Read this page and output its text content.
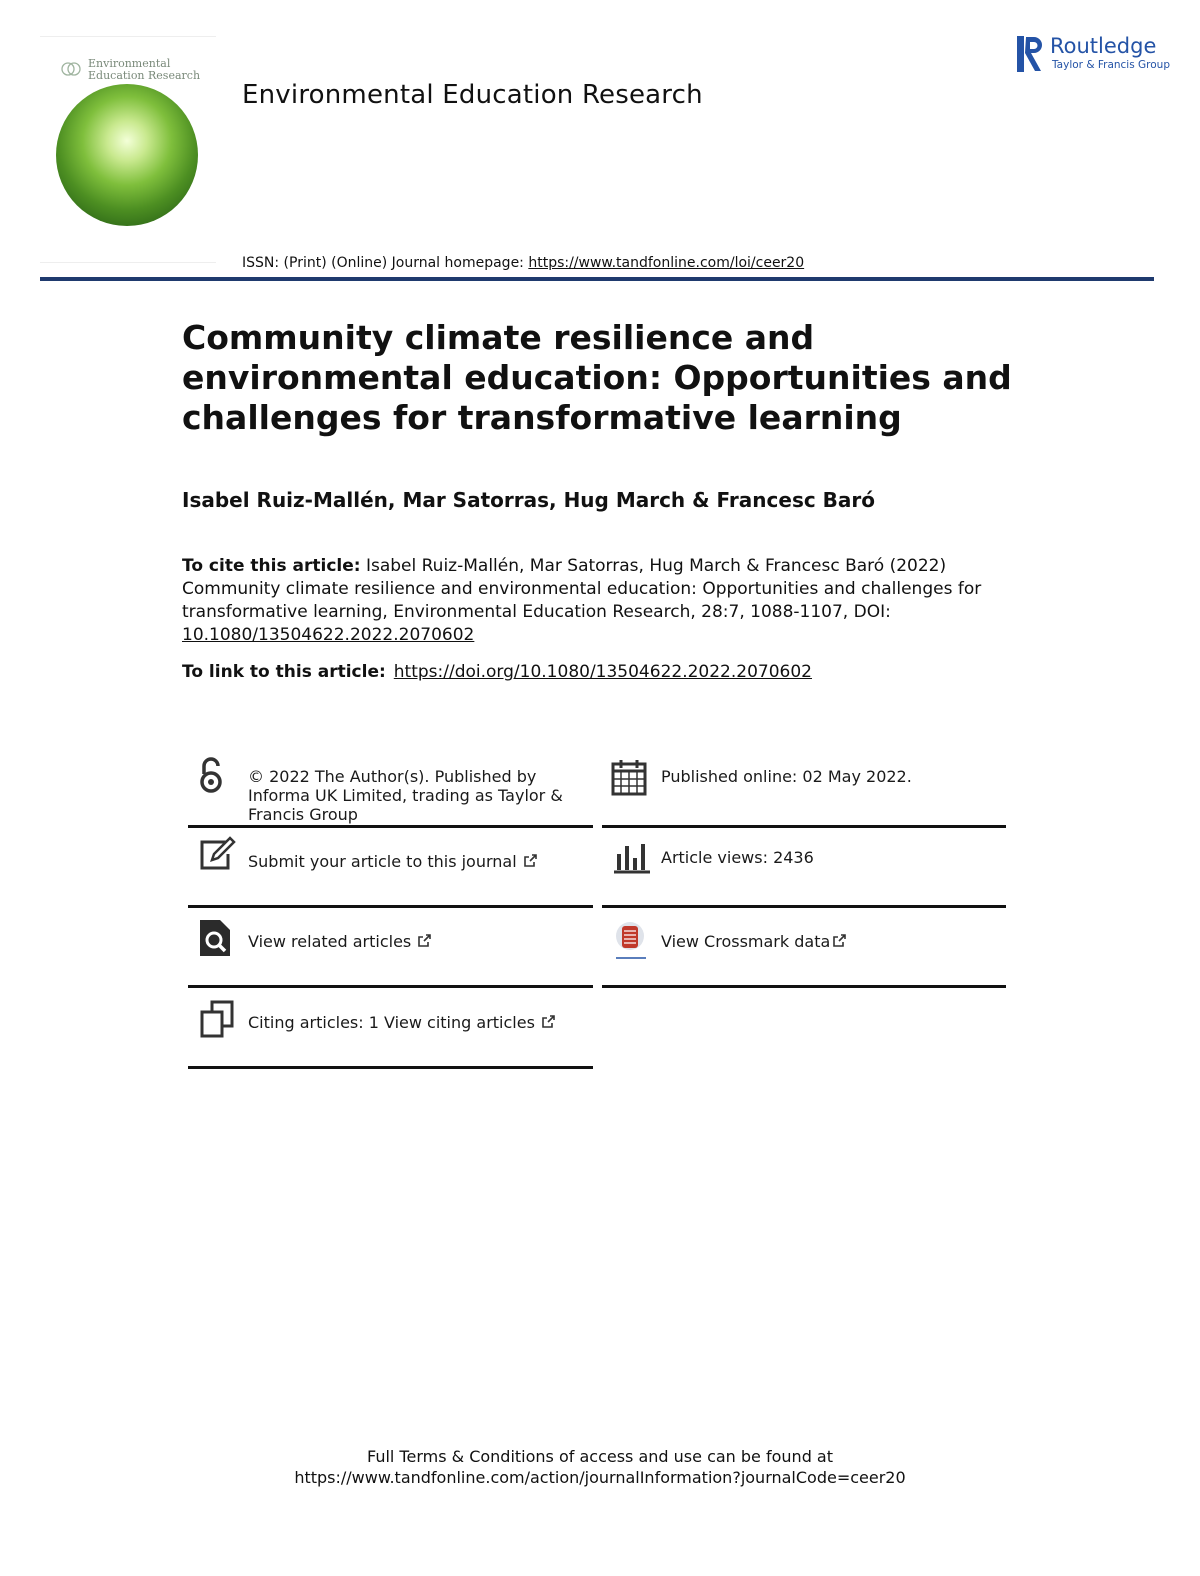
Environmental Education Research
Environmental Education Research
ISSN: (Print) (Online) Journal homepage: https://www.tandfonline.com/loi/ceer20
Routledge
Taylor & Francis Group
Community climate resilience and environmental education: Opportunities and challenges for transformative learning
Isabel Ruiz-Mallén, Mar Satorras, Hug March & Francesc Baró
To cite this article: Isabel Ruiz-Mallén, Mar Satorras, Hug March & Francesc Baró (2022) Community climate resilience and environmental education: Opportunities and challenges for transformative learning, Environmental Education Research, 28:7, 1088-1107, DOI: 10.1080/13504622.2022.2070602
To link to this article: https://doi.org/10.1080/13504622.2022.2070602
© 2022 The Author(s). Published by Informa UK Limited, trading as Taylor & Francis Group
Submit your article to this journal
View related articles
Citing articles: 1 View citing articles
Published online: 02 May 2022.
Article views: 2436
View Crossmark data
Full Terms & Conditions of access and use can be found at
https://www.tandfonline.com/action/journalInformation?journalCode=ceer20
